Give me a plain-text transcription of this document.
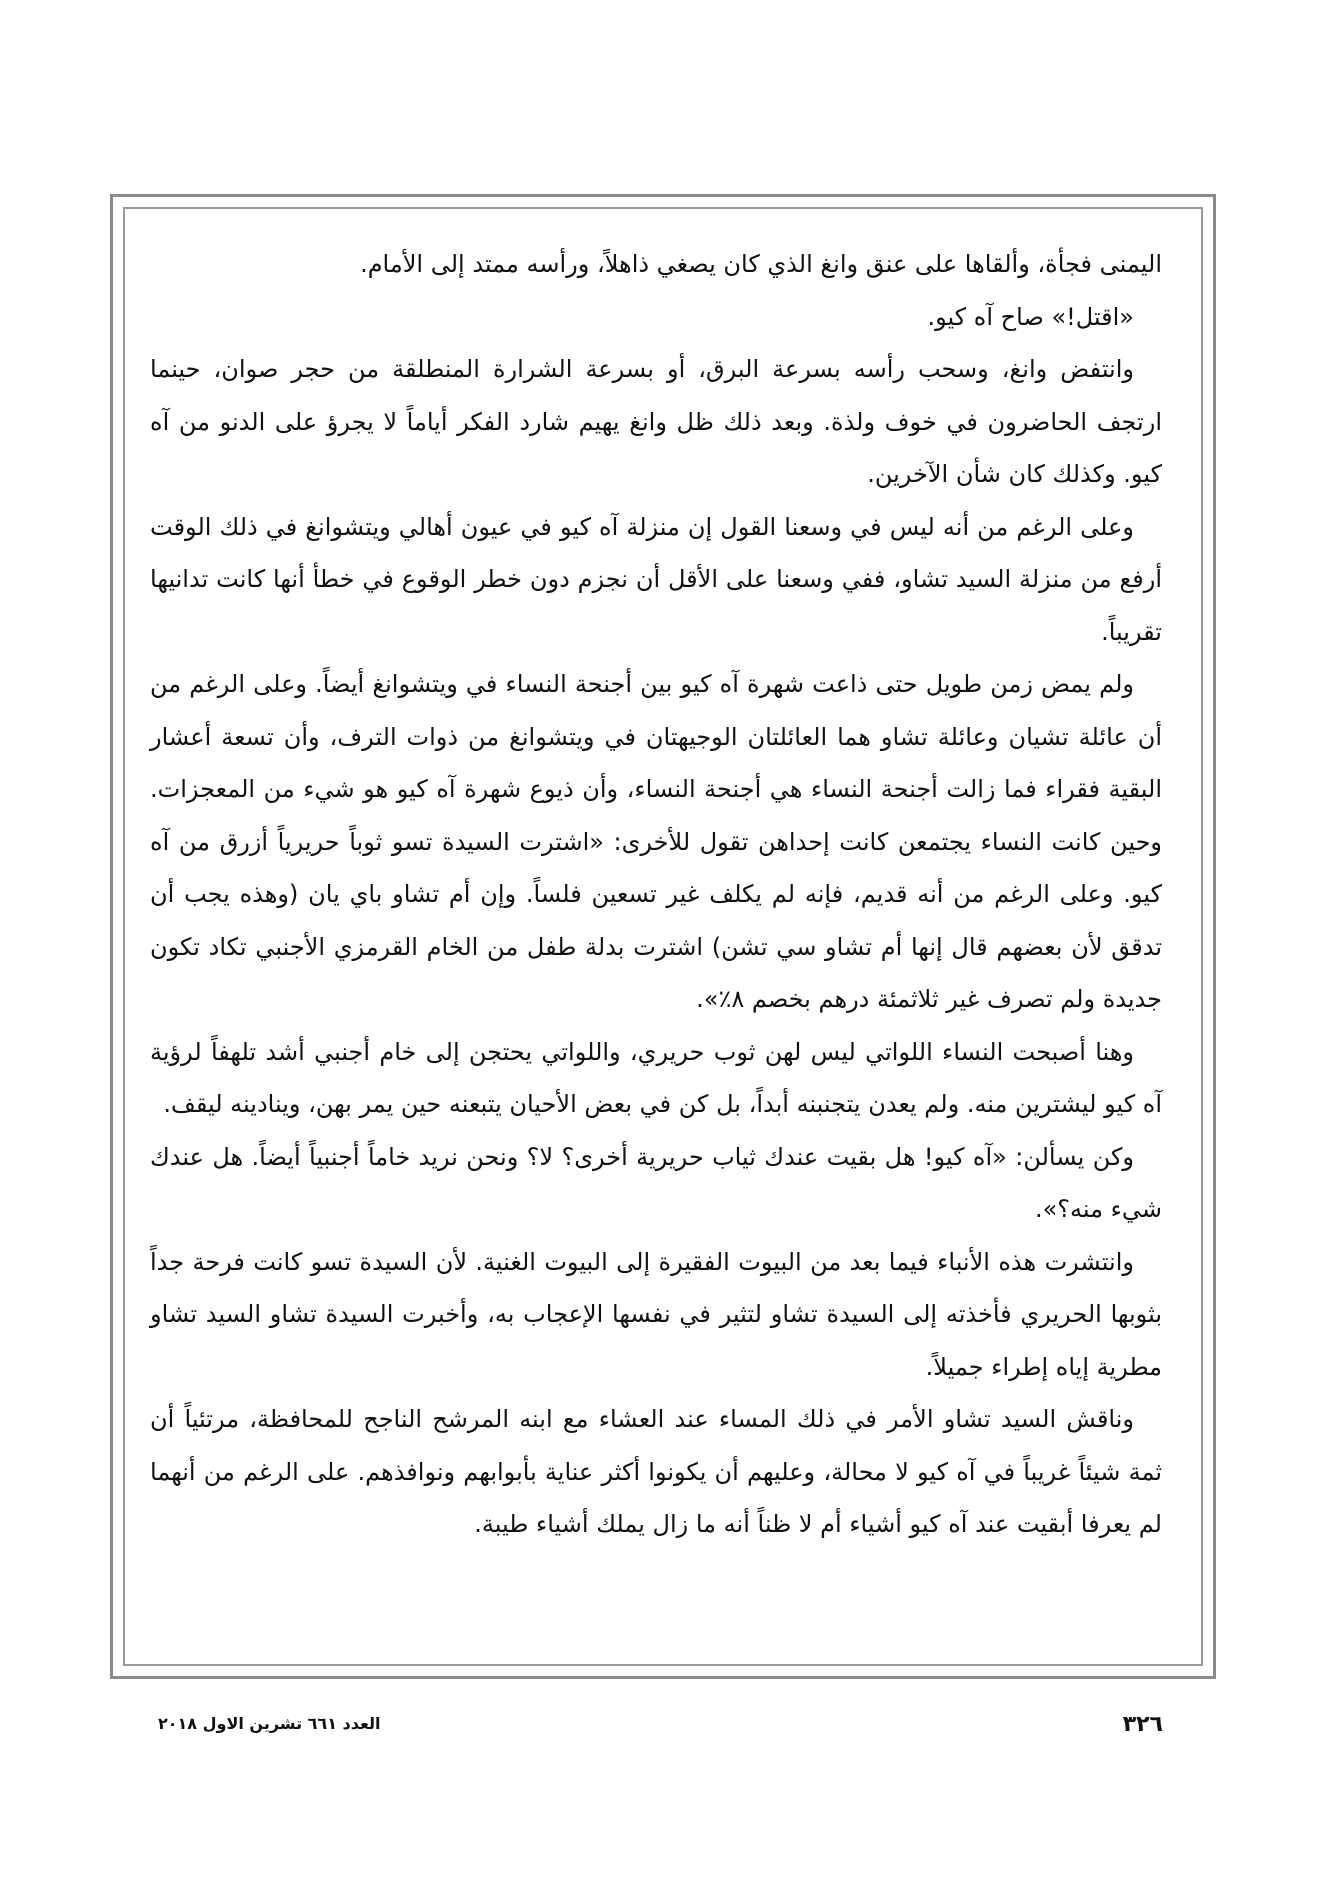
اليمنى فجأة، وألقاها على عنق وانغ الذي كان يصغي ذاهلاً، ورأسه ممتد إلى الأمام.

«اقتل!» صاح آه كيو.

وانتفض وانغ، وسحب رأسه بسرعة البرق، أو بسرعة الشرارة المنطلقة من حجر صوان، حينما ارتجف الحاضرون في خوف ولذة. وبعد ذلك ظل وانغ يهيم شارد الفكر أياماً لا يجرؤ على الدنو من آه كيو. وكذلك كان شأن الآخرين.

وعلى الرغم من أنه ليس في وسعنا القول إن منزلة آه كيو في عيون أهالي ويتشوانغ في ذلك الوقت أرفع من منزلة السيد تشاو، ففي وسعنا على الأقل أن نجزم دون خطر الوقوع في خطأ أنها كانت تدانيها تقريباً.

ولم يمض زمن طويل حتى ذاعت شهرة آه كيو بين أجنحة النساء في ويتشوانغ أيضاً. وعلى الرغم من أن عائلة تشيان وعائلة تشاو هما العائلتان الوجيهتان في ويتشوانغ من ذوات الترف، وأن تسعة أعشار البقية فقراء فما زالت أجنحة النساء هي أجنحة النساء، وأن ذيوع شهرة آه كيو هو شيء من المعجزات. وحين كانت النساء يجتمعن كانت إحداهن تقول للأخرى: «اشترت السيدة تسو ثوباً حريرياً أزرق من آه كيو. وعلى الرغم من أنه قديم، فإنه لم يكلف غير تسعين فلساً. وإن أم تشاو باي يان (وهذه يجب أن تدقق لأن بعضهم قال إنها أم تشاو سي تشن) اشترت بدلة طفل من الخام القرمزي الأجنبي تكاد تكون جديدة ولم تصرف غير ثلاثمئة درهم بخصم ٨٪».

وهنا أصبحت النساء اللواتي ليس لهن ثوب حريري، واللواتي يحتجن إلى خام أجنبي أشد تلهفاً لرؤية آه كيو ليشترين منه. ولم يعدن يتجنبنه أبداً، بل كن في بعض الأحيان يتبعنه حين يمر بهن، وينادينه ليقف.

وكن يسألن: «آه كيو! هل بقيت عندك ثياب حريرية أخرى؟ لا؟ ونحن نريد خاماً أجنبياً أيضاً. هل عندك شيء منه؟».

وانتشرت هذه الأنباء فيما بعد من البيوت الفقيرة إلى البيوت الغنية. لأن السيدة تسو كانت فرحة جداً بثوبها الحريري فأخذته إلى السيدة تشاو لتثير في نفسها الإعجاب به، وأخبرت السيدة تشاو السيد تشاو مطرية إياه إطراء جميلاً.

وناقش السيد تشاو الأمر في ذلك المساء عند العشاء مع ابنه المرشح الناجح للمحافظة، مرتئياً أن ثمة شيئاً غريباً في آه كيو لا محالة، وعليهم أن يكونوا أكثر عناية بأبوابهم ونوافذهم. على الرغم من أنهما لم يعرفا أبقيت عند آه كيو أشياء أم لا ظناً أنه ما زال يملك أشياء طيبة.

٣٢٦
العدد ٦٦١ تشرين الاول ٢٠١٨
